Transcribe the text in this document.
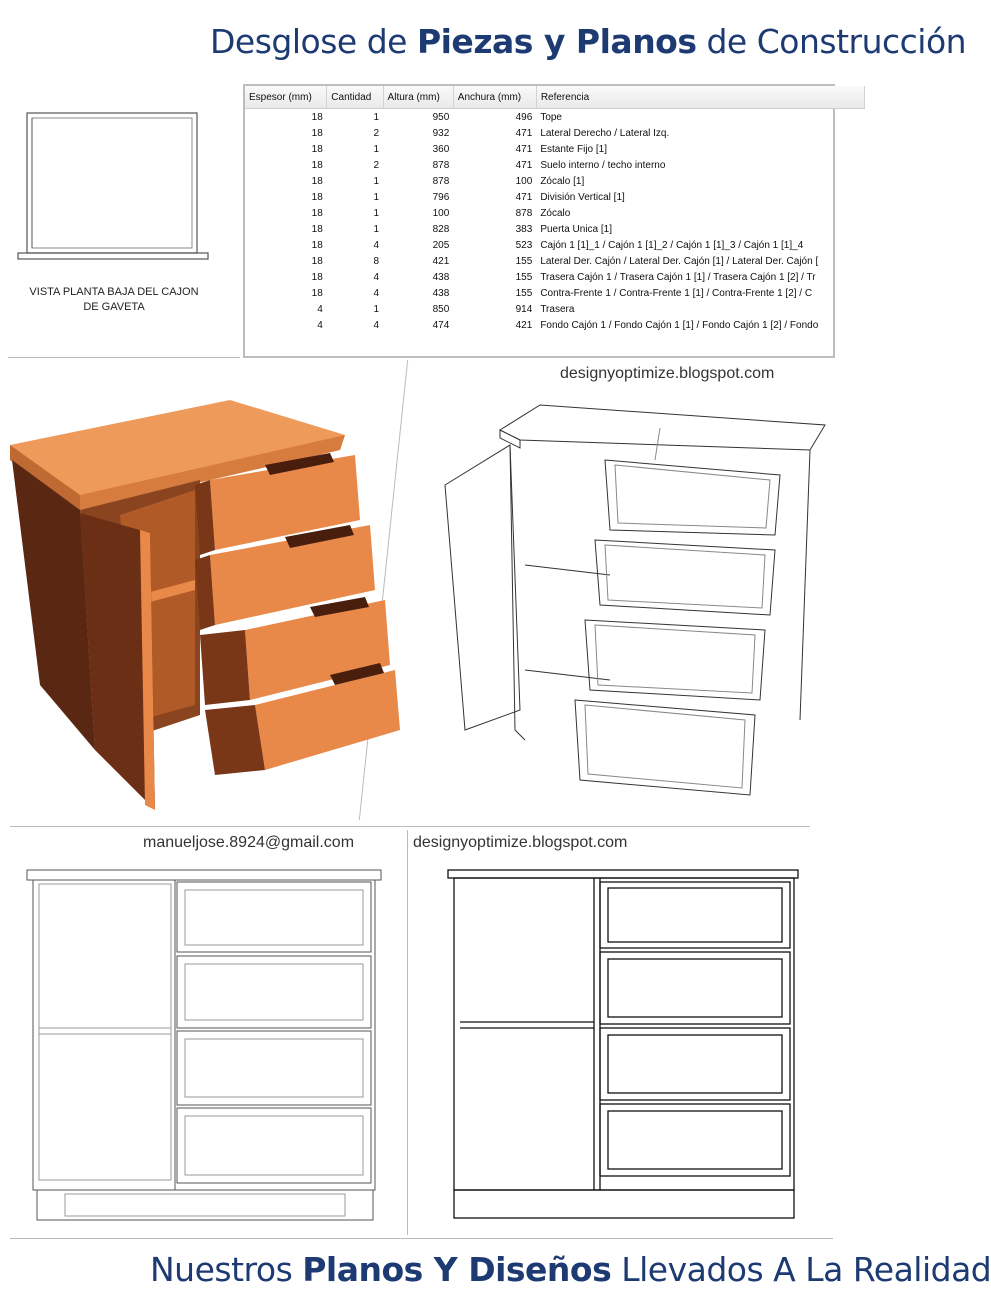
Desglose de Piezas y Planos de Construcción
VISTA PLANTA BAJA DEL CAJON
DE GAVETA
Espesor (mm)	Cantidad	Altura (mm)	Anchura (mm)	Referencia
18	1	950	496	Tope
18	2	932	471	Lateral Derecho / Lateral Izq.
18	1	360	471	Estante Fijo [1]
18	2	878	471	Suelo interno / techo interno
18	1	878	100	Zócalo [1]
18	1	796	471	División Vertical [1]
18	1	100	878	Zócalo
18	1	828	383	Puerta Unica [1]
18	4	205	523	Cajón 1 [1]_1 / Cajón 1 [1]_2 / Cajón 1 [1]_3 / Cajón 1 [1]_4
18	8	421	155	Lateral Der. Cajón / Lateral Der. Cajón [1] / Lateral Der. Cajón [
18	4	438	155	Trasera Cajón 1 / Trasera Cajón 1 [1] / Trasera Cajón 1 [2] / Tr
18	4	438	155	Contra-Frente 1 / Contra-Frente 1 [1] / Contra-Frente 1 [2] / C
4	1	850	914	Trasera
4	4	474	421	Fondo Cajón 1 / Fondo Cajón 1 [1] / Fondo Cajón 1 [2] / Fondo
designyoptimize.blogspot.com
manueljose.8924@gmail.com	designyoptimize.blogspot.com
Nuestros Planos Y Diseños Llevados A La Realidad
